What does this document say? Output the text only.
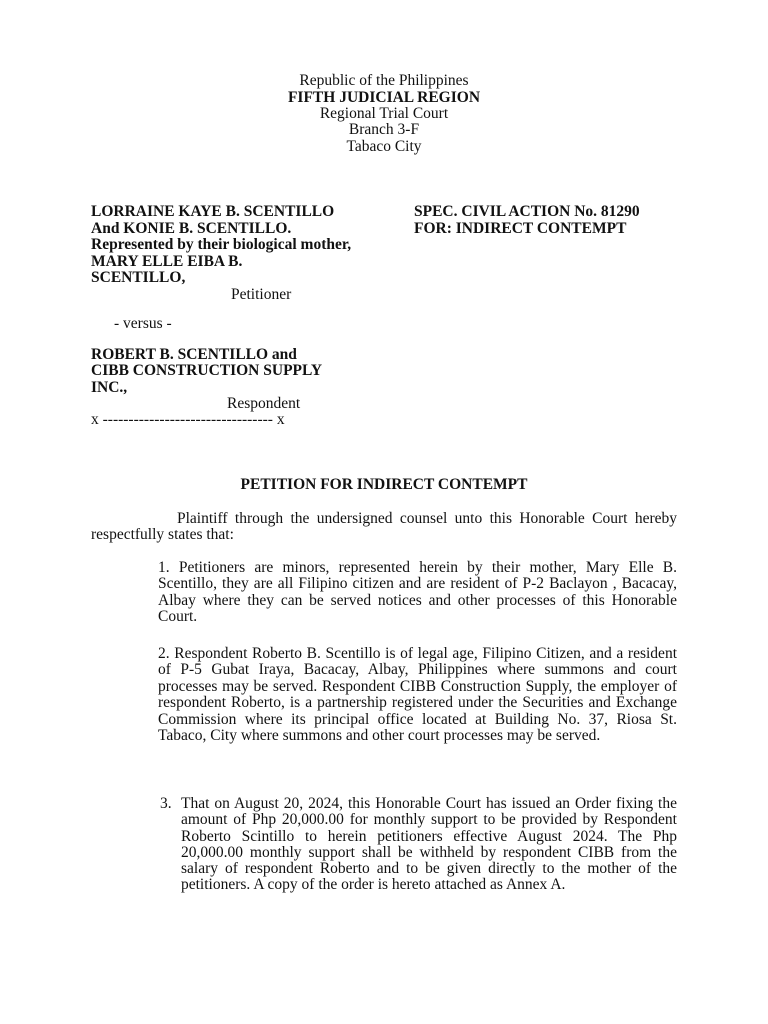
Republic of the Philippines
FIFTH JUDICIAL REGION
Regional Trial Court
Branch 3-F
Tabaco City
LORRAINE KAYE B. SCENTILLO
And KONIE B. SCENTILLO.
Represented by their biological mother,
MARY ELLE EIBA B.
SCENTILLO,
Petitioner
- versus -
ROBERT B. SCENTILLO and
CIBB CONSTRUCTION SUPPLY
INC.,
Respondent
x --------------------------------- x
SPEC. CIVIL ACTION No. 81290
FOR: INDIRECT CONTEMPT
PETITION FOR INDIRECT CONTEMPT
Plaintiff through the undersigned counsel unto this Honorable Court hereby respectfully states that:
1. Petitioners are minors, represented herein by their mother, Mary Elle B. Scentillo, they are all Filipino citizen and are resident of P-2 Baclayon , Bacacay, Albay where they can be served notices and other processes of this Honorable Court.
2. Respondent Roberto B. Scentillo is of legal age, Filipino Citizen, and a resident of P-5 Gubat Iraya, Bacacay, Albay, Philippines where summons and court processes may be served. Respondent CIBB Construction Supply, the employer of respondent Roberto, is a partnership registered under the Securities and Exchange Commission where its principal office located at Building No. 37, Riosa St. Tabaco, City where summons and other court processes may be served.
3. That on August 20, 2024, this Honorable Court has issued an Order fixing the amount of Php 20,000.00 for monthly support to be provided by Respondent Roberto Scintillo to herein petitioners effective August 2024. The Php 20,000.00 monthly support shall be withheld by respondent CIBB from the salary of respondent Roberto and to be given directly to the mother of the petitioners. A copy of the order is hereto attached as Annex A.
